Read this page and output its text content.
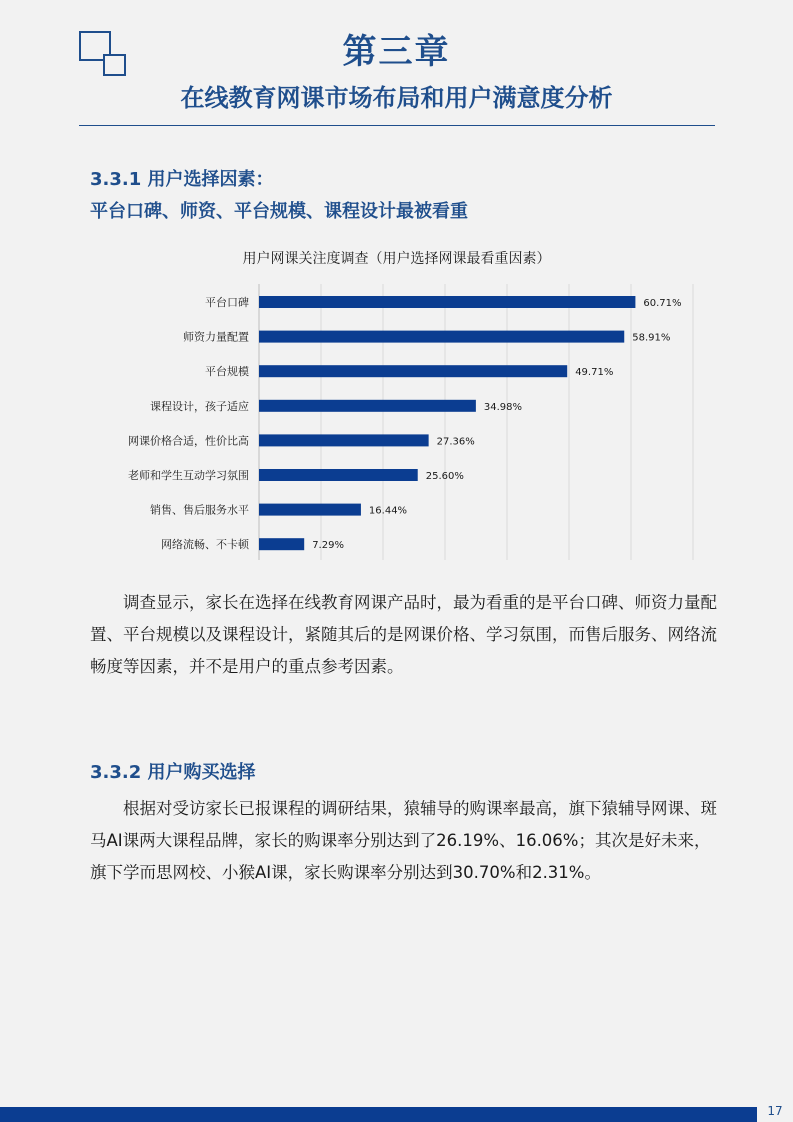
第三章
在线教育网课市场布局和用户满意度分析
3.3.1 用户选择因素：
平台口碑、师资、平台规模、课程设计最被看重
用户网课关注度调查（用户选择网课最看重因素）
平台口碑	60.71%
师资力量配置	58.91%
平台规模	49.71%
课程设计，孩子适应	34.98%
网课价格合适，性价比高	27.36%
老师和学生互动学习氛围	25.60%
销售、售后服务水平	16.44%
网络流畅、不卡顿	7.29%

调查显示，家长在选择在线教育网课产品时，最为看重的是平台口碑、师资力量配置、平台规模以及课程设计，紧随其后的是网课价格、学习氛围，而售后服务、网络流畅度等因素，并不是用户的重点参考因素。

3.3.2 用户购买选择

根据对受访家长已报课程的调研结果，猿辅导的购课率最高，旗下猿辅导网课、斑马AI课两大课程品牌，家长的购课率分别达到了26.19%、16.06%；其次是好未来，旗下学而思网校、小猴AI课，家长购课率分别达到30.70%和2.31%。

17
